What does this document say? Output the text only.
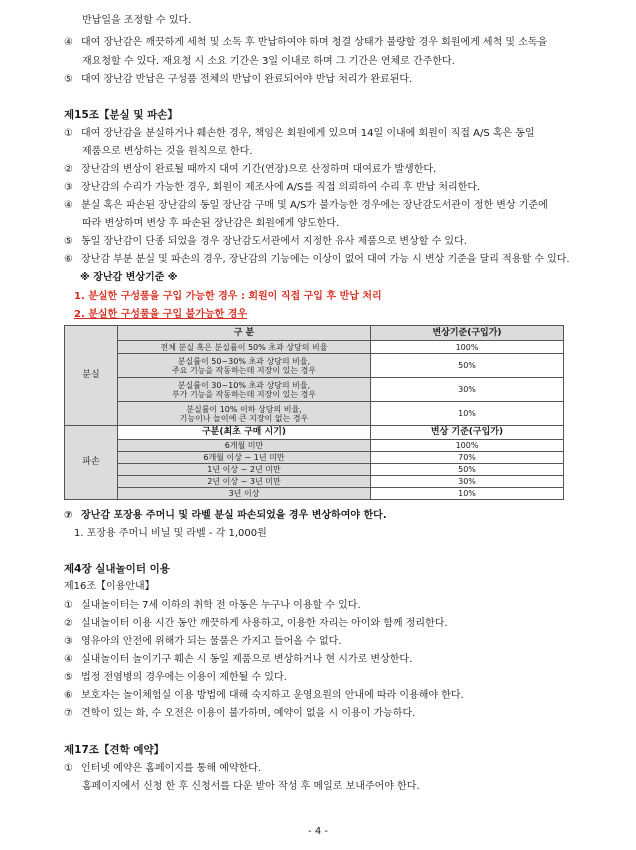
반납일을 조정할 수 있다.
④ 대여 장난감은 깨끗하게 세척 및 소독 후 반납하여야 하며 청결 상태가 불량할 경우 회원에게 세척 및 소독을
재요청할 수 있다. 재요청 시 소요 기간은 3일 이내로 하며 그 기간은 연체로 간주한다.
⑤ 대여 장난감 반납은 구성품 전체의 반납이 완료되어야 반납 처리가 완료된다.
제15조【분실 및 파손】
① 대여 장난감을 분실하거나 훼손한 경우, 책임은 회원에게 있으며 14일 이내에 회원이 직접 A/S 혹은 동일
제품으로 변상하는 것을 원칙으로 한다.
② 장난감의 변상이 완료될 때까지 대여 기간(연장)으로 산정하며 대여료가 발생한다.
③ 장난감의 수리가 가능한 경우, 회원이 제조사에 A/S를 직접 의뢰하여 수리 후 반납 처리한다.
④ 분실 혹은 파손된 장난감의 동일 장난감 구매 및 A/S가 불가능한 경우에는 장난감도서관이 정한 변상 기준에
따라 변상하며 변상 후 파손된 장난감은 회원에게 양도한다.
⑤ 동일 장난감이 단종 되었을 경우 장난감도서관에서 지정한 유사 제품으로 변상할 수 있다.
⑥ 장난감 부분 분실 및 파손의 경우, 장난감의 기능에는 이상이 없어 대여 가능 시 변상 기준을 달리 적용할 수 있다.
※ 장난감 변상기준 ※
1. 분실한 구성품을 구입 가능한 경우 : 회원이 직접 구입 후 반납 처리
2. 분실한 구성품을 구입 불가능한 경우
분실	구 분	변상기준(구입가)
	전체 분실 혹은 분실률이 50% 초과 상당의 비율	100%

	분실률이 50~30% 초과 상당의 비율,
주요 기능을 작동하는데 지장이 있는 경우	50%

	분실률이 30~10% 초과 상당의 비율,
부가 기능을 작동하는데 지장이 있는 경우	30%

	분실률이 10% 이하 상당의 비율,
기능이나 놀이에 큰 지장이 없는 경우	10%
파손	구분(최초 구매 시기)	변상 기준(구입가)
	6개월 미만	100%
	6개월 이상 ~ 1년 미만	70%
	1년 이상 ~ 2년 미만	50%
	2년 이상 ~ 3년 미만	30%
	3년 이상	10%
⑦ 장난감 포장용 주머니 및 라벨 분실 파손되었을 경우 변상하여야 한다.
1. 포장용 주머니 비닐 및 라벨 - 각 1,000원
제4장 실내놀이터 이용
제16조【이용안내】
① 실내놀이터는 7세 이하의 취학 전 아동은 누구나 이용할 수 있다.
② 실내놀이터 이용 시간 동안 깨끗하게 사용하고, 이용한 자리는 아이와 함께 정리한다.
③ 영유아의 안전에 위해가 되는 물품은 가지고 들어올 수 없다.
④ 실내놀이터 놀이기구 훼손 시 동일 제품으로 변상하거나 현 시가로 변상한다.
⑤ 법정 전염병의 경우에는 이용이 제한될 수 있다.
⑥ 보호자는 놀이체험실 이용 방법에 대해 숙지하고 운영요원의 안내에 따라 이용해야 한다.
⑦ 견학이 있는 화, 수 오전은 이용이 불가하며, 예약이 없을 시 이용이 가능하다.
제17조【견학 예약】
① 인터넷 예약은 홈페이지를 통해 예약한다.
홈페이지에서 신청 한 후 신청서를 다운 받아 작성 후 메일로 보내주어야 한다.
- 4 -
